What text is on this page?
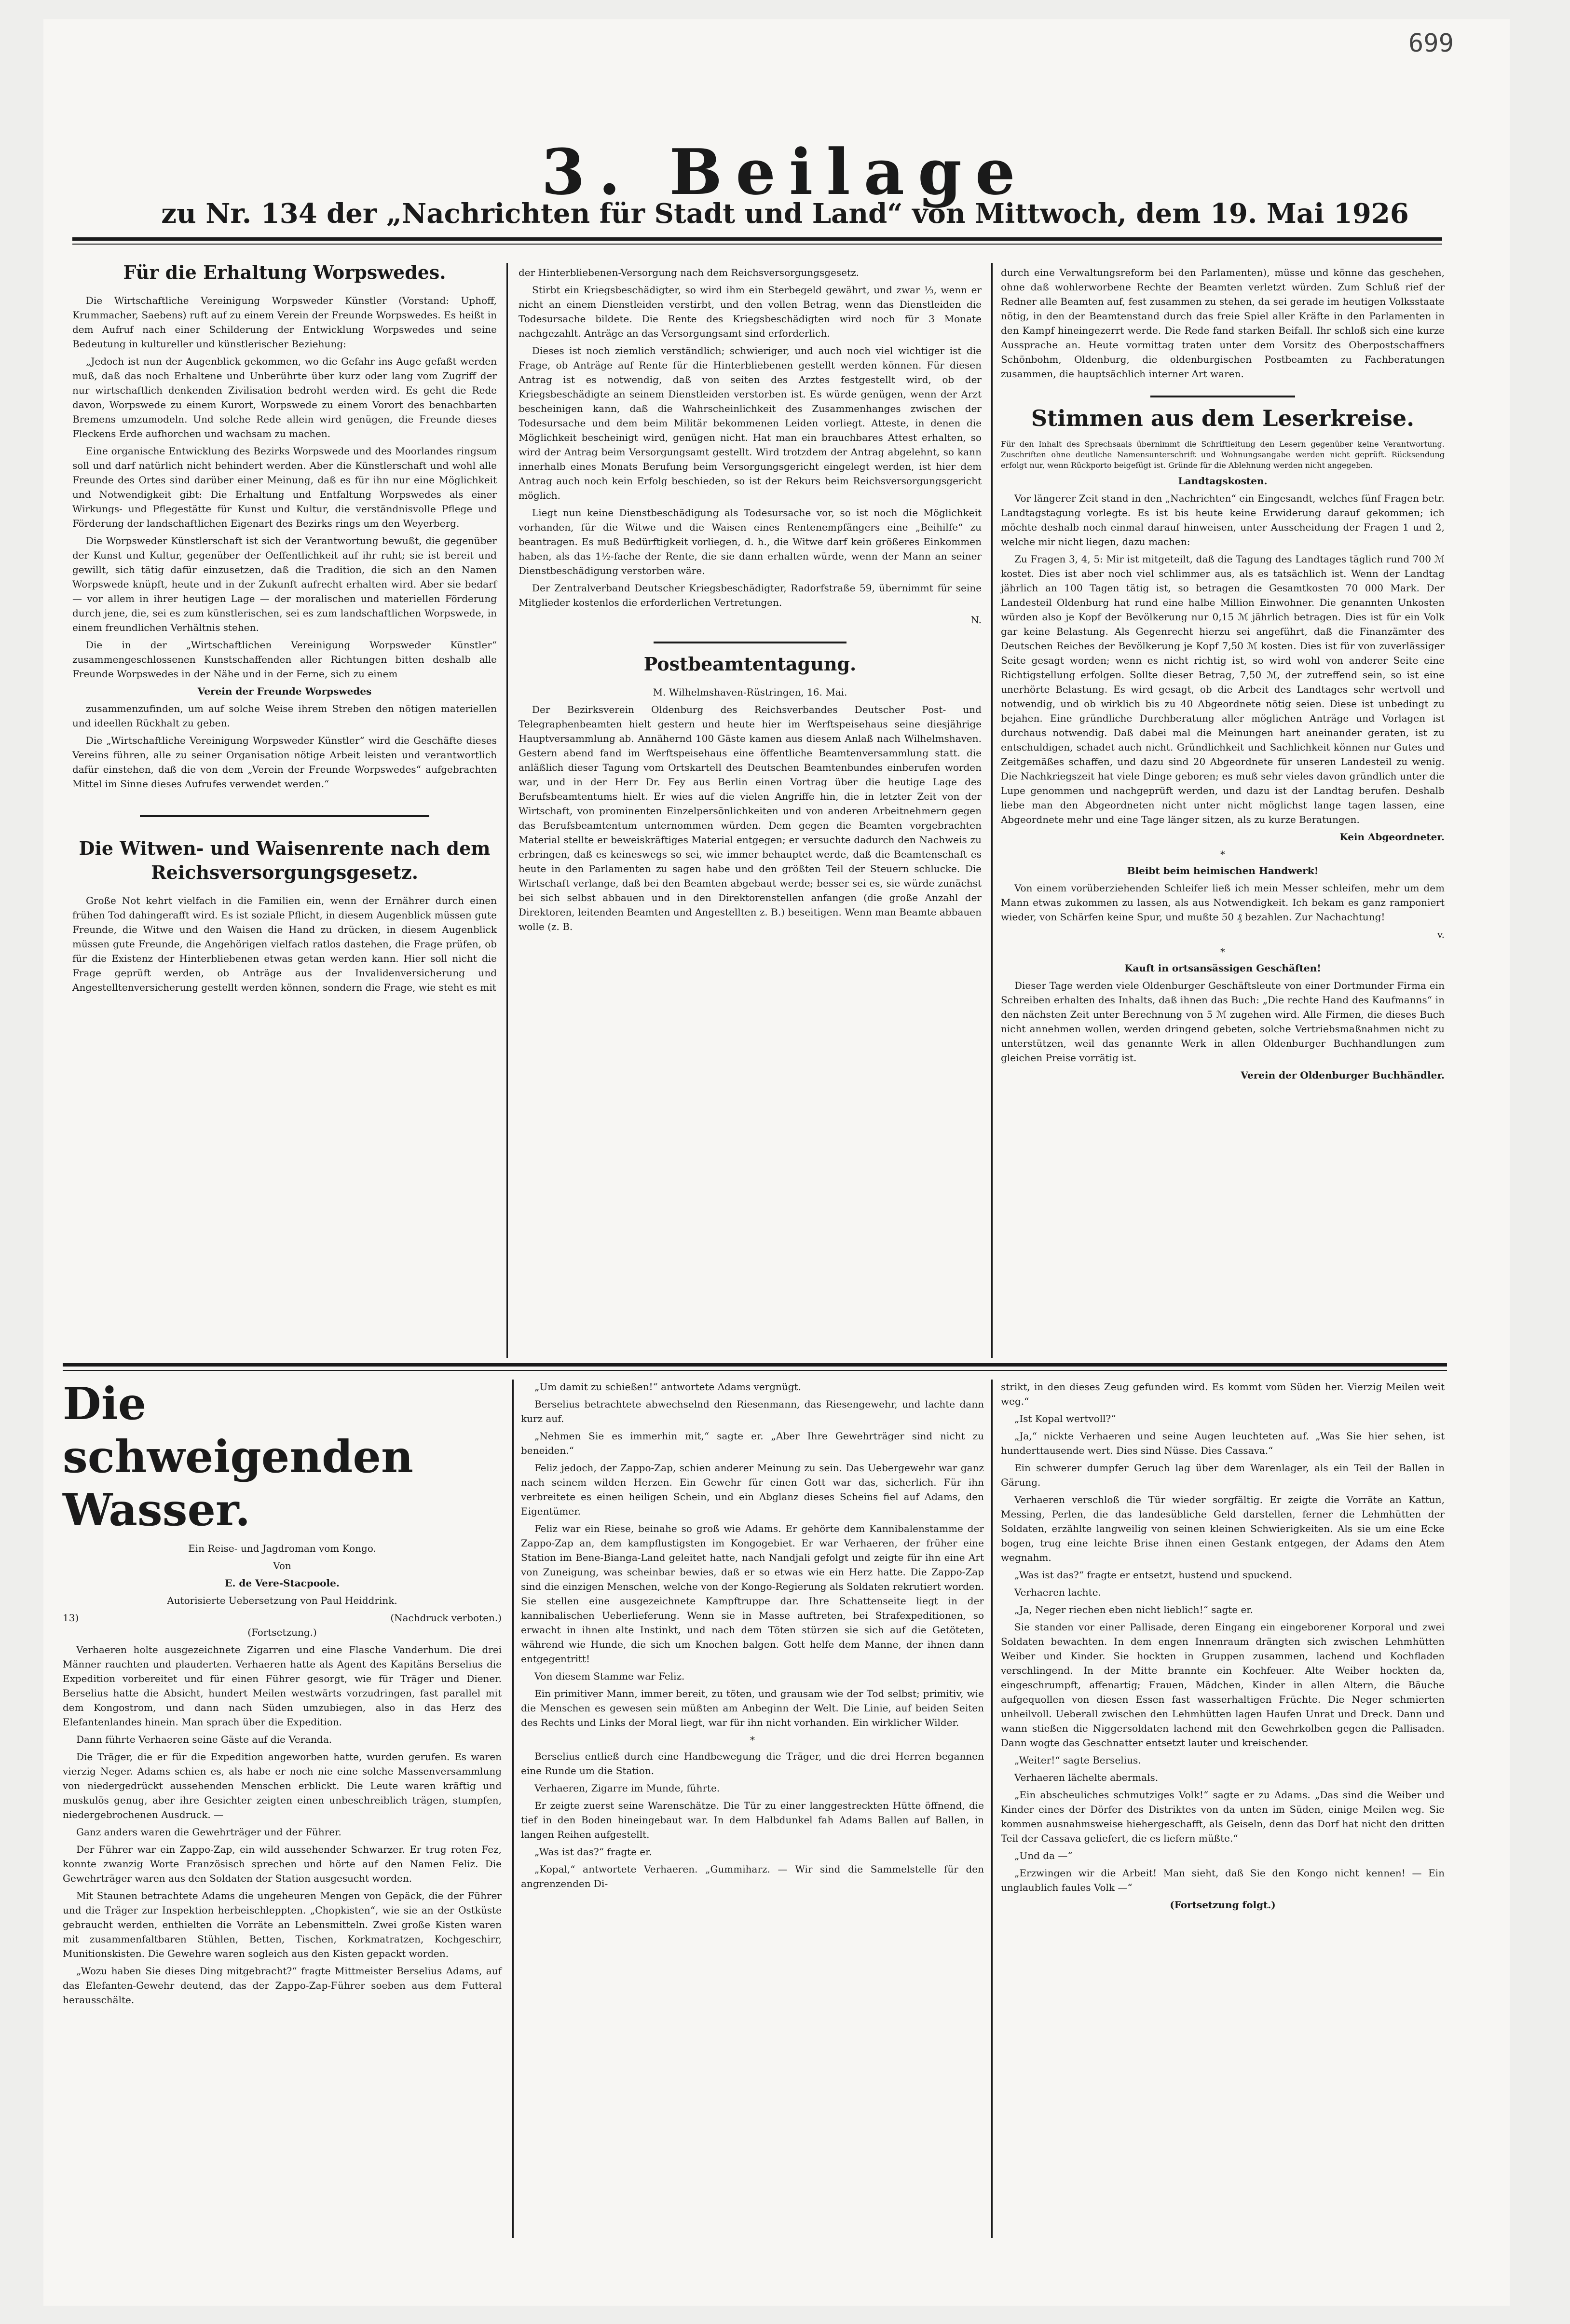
699
3. Beilage
zu Nr. 134 der „Nachrichten für Stadt und Land“ von Mittwoch, dem 19. Mai 1926
Für die Erhaltung Worpswedes.

Die Wirtschaftliche Vereinigung Worpsweder Künstler (Vorstand: Uphoff, Krummacher, Saebens) ruft auf zu einem Verein der Freunde Worpswedes. Es heißt in dem Aufruf nach einer Schilderung der Entwicklung Worpswedes und seine Bedeutung in kultureller und künstlerischer Beziehung:

„Jedoch ist nun der Augenblick gekommen, wo die Gefahr ins Auge gefaßt werden muß, daß das noch Erhaltene und Unberührte über kurz oder lang vom Zugriff der nur wirtschaftlich denkenden Zivilisation bedroht werden wird. Es geht die Rede davon, Worpswede zu einem Kurort, Worpswede zu einem Vorort des benachbarten Bremens umzumodeln. Und solche Rede allein wird genügen, die Freunde dieses Fleckens Erde aufhorchen und wachsam zu machen.

Eine organische Entwicklung des Bezirks Worpswede und des Moorlandes ringsum soll und darf natürlich nicht behindert werden. Aber die Künstlerschaft und wohl alle Freunde des Ortes sind darüber einer Meinung, daß es für ihn nur eine Möglichkeit und Notwendigkeit gibt: Die Erhaltung und Entfaltung Worpswedes als einer Wirkungs- und Pflegestätte für Kunst und Kultur, die verständnisvolle Pflege und Förderung der landschaftlichen Eigenart des Bezirks rings um den Weyerberg.

Die Worpsweder Künstlerschaft ist sich der Verantwortung bewußt, die gegenüber der Kunst und Kultur, gegenüber der Oeffentlichkeit auf ihr ruht; sie ist bereit und gewillt, sich tätig dafür einzusetzen, daß die Tradition, die sich an den Namen Worpswede knüpft, heute und in der Zukunft aufrecht erhalten wird. Aber sie bedarf — vor allem in ihrer heutigen Lage — der moralischen und materiellen Förderung durch jene, die, sei es zum künstlerischen, sei es zum landschaftlichen Worpswede, in einem freundlichen Verhältnis stehen.

Die in der „Wirtschaftlichen Vereinigung Worpsweder Künstler“ zusammengeschlossenen Kunstschaffenden aller Richtungen bitten deshalb alle Freunde Worpswedes in der Nähe und in der Ferne, sich zu einem

Verein der Freunde Worpswedes

zusammenzufinden, um auf solche Weise ihrem Streben den nötigen materiellen und ideellen Rückhalt zu geben.

Die „Wirtschaftliche Vereinigung Worpsweder Künstler“ wird die Geschäfte dieses Vereins führen, alle zu seiner Organisation nötige Arbeit leisten und verantwortlich dafür einstehen, daß die von dem „Verein der Freunde Worpswedes“ aufgebrachten Mittel im Sinne dieses Aufrufes verwendet werden.“

Die Witwen- und Waisenrente nach dem Reichsversorgungsgesetz.

Große Not kehrt vielfach in die Familien ein, wenn der Ernährer durch einen frühen Tod dahingerafft wird. Es ist soziale Pflicht, in diesem Augenblick müssen gute Freunde, die Witwe und den Waisen die Hand zu drücken, in diesem Augenblick müssen gute Freunde, die Angehörigen vielfach ratlos dastehen, die Frage prüfen, ob für die Existenz der Hinterbliebenen etwas getan werden kann. Hier soll nicht die Frage geprüft werden, ob Anträge aus der Invalidenversicherung und Angestelltenversicherung gestellt werden können, sondern die Frage, wie steht es mit

der Hinterbliebenen-Versorgung nach dem Reichsversorgungsgesetz.

Stirbt ein Kriegsbeschädigter, so wird ihm ein Sterbegeld gewährt, und zwar ⅓, wenn er nicht an einem Dienstleiden verstirbt, und den vollen Betrag, wenn das Dienstleiden die Todesursache bildete. Die Rente des Kriegsbeschädigten wird noch für 3 Monate nachgezahlt. Anträge an das Versorgungsamt sind erforderlich.

Dieses ist noch ziemlich verständlich; schwieriger, und auch noch viel wichtiger ist die Frage, ob Anträge auf Rente für die Hinterbliebenen gestellt werden können. Für diesen Antrag ist es notwendig, daß von seiten des Arztes festgestellt wird, ob der Kriegsbeschädigte an seinem Dienstleiden verstorben ist. Es würde genügen, wenn der Arzt bescheinigen kann, daß die Wahrscheinlichkeit des Zusammenhanges zwischen der Todesursache und dem beim Militär bekommenen Leiden vorliegt. Atteste, in denen die Möglichkeit bescheinigt wird, genügen nicht. Hat man ein brauchbares Attest erhalten, so wird der Antrag beim Versorgungsamt gestellt. Wird trotzdem der Antrag abgelehnt, so kann innerhalb eines Monats Berufung beim Versorgungsgericht eingelegt werden, ist hier dem Antrag auch noch kein Erfolg beschieden, so ist der Rekurs beim Reichsversorgungsgericht möglich.

Liegt nun keine Dienstbeschädigung als Todesursache vor, so ist noch die Möglichkeit vorhanden, für die Witwe und die Waisen eines Rentenempfängers eine „Beihilfe“ zu beantragen. Es muß Bedürftigkeit vorliegen, d. h., die Witwe darf kein größeres Einkommen haben, als das 1½-fache der Rente, die sie dann erhalten würde, wenn der Mann an seiner Dienstbeschädigung verstorben wäre.

Der Zentralverband Deutscher Kriegsbeschädigter, Radorfstraße 59, übernimmt für seine Mitglieder kostenlos die erforderlichen Vertretungen.

N.

Postbeamtentagung.

M. Wilhelmshaven-Rüstringen, 16. Mai.

Der Bezirksverein Oldenburg des Reichsverbandes Deutscher Post- und Telegraphenbeamten hielt gestern und heute hier im Werftspeisehaus seine diesjährige Hauptversammlung ab. Annähernd 100 Gäste kamen aus diesem Anlaß nach Wilhelmshaven. Gestern abend fand im Werftspeisehaus eine öffentliche Beamtenversammlung statt. die anläßlich dieser Tagung vom Ortskartell des Deutschen Beamtenbundes einberufen worden war, und in der Herr Dr. Fey aus Berlin einen Vortrag über die heutige Lage des Berufsbeamtentums hielt. Er wies auf die vielen Angriffe hin, die in letzter Zeit von der Wirtschaft, von prominenten Einzelpersönlichkeiten und von anderen Arbeitnehmern gegen das Berufsbeamtentum unternommen würden. Dem gegen die Beamten vorgebrachten Material stellte er beweiskräftiges Material entgegen; er versuchte dadurch den Nachweis zu erbringen, daß es keineswegs so sei, wie immer behauptet werde, daß die Beamtenschaft es heute in den Parlamenten zu sagen habe und den größten Teil der Steuern schlucke. Die Wirtschaft verlange, daß bei den Beamten abgebaut werde; besser sei es, sie würde zunächst bei sich selbst abbauen und in den Direktorenstellen anfangen (die große Anzahl der Direktoren, leitenden Beamten und Angestellten z. B.) beseitigen. Wenn man Beamte abbauen wolle (z. B.

durch eine Verwaltungsreform bei den Parlamenten), müsse und könne das geschehen, ohne daß wohlerworbene Rechte der Beamten verletzt würden. Zum Schluß rief der Redner alle Beamten auf, fest zusammen zu stehen, da sei gerade im heutigen Volksstaate nötig, in den der Beamtenstand durch das freie Spiel aller Kräfte in den Parlamenten in den Kampf hineingezerrt werde. Die Rede fand starken Beifall. Ihr schloß sich eine kurze Aussprache an. Heute vormittag traten unter dem Vorsitz des Oberpostschaffners Schönbohm, Oldenburg, die oldenburgischen Postbeamten zu Fachberatungen zusammen, die hauptsächlich interner Art waren.

Stimmen aus dem Leserkreise.

Für den Inhalt des Sprechsaals übernimmt die Schriftleitung den Lesern gegenüber keine Verantwortung. Zuschriften ohne deutliche Namensunterschrift und Wohnungsangabe werden nicht geprüft. Rücksendung erfolgt nur, wenn Rückporto beigefügt ist. Gründe für die Ablehnung werden nicht angegeben.

Landtagskosten.

Vor längerer Zeit stand in den „Nachrichten“ ein Eingesandt, welches fünf Fragen betr. Landtagstagung vorlegte. Es ist bis heute keine Erwiderung darauf gekommen; ich möchte deshalb noch einmal darauf hinweisen, unter Ausscheidung der Fragen 1 und 2, welche mir nicht liegen, dazu machen:

Zu Fragen 3, 4, 5: Mir ist mitgeteilt, daß die Tagung des Landtages täglich rund 700 ℳ kostet. Dies ist aber noch viel schlimmer aus, als es tatsächlich ist. Wenn der Landtag jährlich an 100 Tagen tätig ist, so betragen die Gesamtkosten 70 000 Mark. Der Landesteil Oldenburg hat rund eine halbe Million Einwohner. Die genannten Unkosten würden also je Kopf der Bevölkerung nur 0,15 ℳ jährlich betragen. Dies ist für ein Volk gar keine Belastung. Als Gegenrecht hierzu sei angeführt, daß die Finanzämter des Deutschen Reiches der Bevölkerung je Kopf 7,50 ℳ kosten. Dies ist für von zuverlässiger Seite gesagt worden; wenn es nicht richtig ist, so wird wohl von anderer Seite eine Richtigstellung erfolgen. Sollte dieser Betrag, 7,50 ℳ, der zutreffend sein, so ist eine unerhörte Belastung. Es wird gesagt, ob die Arbeit des Landtages sehr wertvoll und notwendig, und ob wirklich bis zu 40 Abgeordnete nötig seien. Diese ist unbedingt zu bejahen. Eine gründliche Durchberatung aller möglichen Anträge und Vorlagen ist durchaus notwendig. Daß dabei mal die Meinungen hart aneinander geraten, ist zu entschuldigen, schadet auch nicht. Gründlichkeit und Sachlichkeit können nur Gutes und Zeitgemäßes schaffen, und dazu sind 20 Abgeordnete für unseren Landesteil zu wenig. Die Nachkriegszeit hat viele Dinge geboren; es muß sehr vieles davon gründlich unter die Lupe genommen und nachgeprüft werden, und dazu ist der Landtag berufen. Deshalb liebe man den Abgeordneten nicht unter nicht möglichst lange tagen lassen, eine Abgeordnete mehr und eine Tage länger sitzen, als zu kurze Beratungen.

Kein Abgeordneter.

*

Bleibt beim heimischen Handwerk!

Von einem vorüberziehenden Schleifer ließ ich mein Messer schleifen, mehr um dem Mann etwas zukommen zu lassen, als aus Notwendigkeit. Ich bekam es ganz ramponiert wieder, von Schärfen keine Spur, und mußte 50 ₰ bezahlen. Zur Nachachtung!

v.

*

Kauft in ortsansässigen Geschäften!

Dieser Tage werden viele Oldenburger Geschäftsleute von einer Dortmunder Firma ein Schreiben erhalten des Inhalts, daß ihnen das Buch: „Die rechte Hand des Kaufmanns“ in den nächsten Zeit unter Berechnung von 5 ℳ zugehen wird. Alle Firmen, die dieses Buch nicht annehmen wollen, werden dringend gebeten, solche Vertriebsmaßnahmen nicht zu unterstützen, weil das genannte Werk in allen Oldenburger Buchhandlungen zum gleichen Preise vorrätig ist.

Verein der Oldenburger Buchhändler.

Die schweigenden Wasser.

Ein Reise- und Jagdroman vom Kongo.

Von

E. de Vere-Stacpoole.

Autorisierte Uebersetzung von Paul Heiddrink.

13)	(Nachdruck verboten.)

(Fortsetzung.)

Verhaeren holte ausgezeichnete Zigarren und eine Flasche Vanderhum. Die drei Männer rauchten und plauderten. Verhaeren hatte als Agent des Kapitäns Berselius die Expedition vorbereitet und für einen Führer gesorgt, wie für Träger und Diener. Berselius hatte die Absicht, hundert Meilen westwärts vorzudringen, fast parallel mit dem Kongostrom, und dann nach Süden umzubiegen, also in das Herz des Elefantenlandes hinein. Man sprach über die Expedition.

Dann führte Verhaeren seine Gäste auf die Veranda.

Die Träger, die er für die Expedition angeworben hatte, wurden gerufen. Es waren vierzig Neger. Adams schien es, als habe er noch nie eine solche Massenversammlung von niedergedrückt aussehenden Menschen erblickt. Die Leute waren kräftig und muskulös genug, aber ihre Gesichter zeigten einen unbeschreiblich trägen, stumpfen, niedergebrochenen Ausdruck. —

Ganz anders waren die Gewehrträger und der Führer.

Der Führer war ein Zappo-Zap, ein wild aussehender Schwarzer. Er trug roten Fez, konnte zwanzig Worte Französisch sprechen und hörte auf den Namen Feliz. Die Gewehrträger waren aus den Soldaten der Station ausgesucht worden.

Mit Staunen betrachtete Adams die ungeheuren Mengen von Gepäck, die der Führer und die Träger zur Inspektion herbeischleppten. „Chopkisten“, wie sie an der Ostküste gebraucht werden, enthielten die Vorräte an Lebensmitteln. Zwei große Kisten waren mit zusammenfaltbaren Stühlen, Betten, Tischen, Korkmatratzen, Kochgeschirr, Munitionskisten. Die Gewehre waren sogleich aus den Kisten gepackt worden.

„Wozu haben Sie dieses Ding mitgebracht?“ fragte Mittmeister Berselius Adams, auf das Elefanten-Gewehr deutend, das der Zappo-Zap-Führer soeben aus dem Futteral herausschälte.

„Um damit zu schießen!“ antwortete Adams vergnügt.

Berselius betrachtete abwechselnd den Riesenmann, das Riesengewehr, und lachte dann kurz auf.

„Nehmen Sie es immerhin mit,“ sagte er. „Aber Ihre Gewehrträger sind nicht zu beneiden.“

Feliz jedoch, der Zappo-Zap, schien anderer Meinung zu sein. Das Uebergewehr war ganz nach seinem wilden Herzen. Ein Gewehr für einen Gott war das, sicherlich. Für ihn verbreitete es einen heiligen Schein, und ein Abglanz dieses Scheins fiel auf Adams, den Eigentümer.

Feliz war ein Riese, beinahe so groß wie Adams. Er gehörte dem Kannibalenstamme der Zappo-Zap an, dem kampflustigsten im Kongogebiet. Er war Verhaeren, der früher eine Station im Bene-Bianga-Land geleitet hatte, nach Nandjali gefolgt und zeigte für ihn eine Art von Zuneigung, was scheinbar bewies, daß er so etwas wie ein Herz hatte. Die Zappo-Zap sind die einzigen Menschen, welche von der Kongo-Regierung als Soldaten rekrutiert worden. Sie stellen eine ausgezeichnete Kampftruppe dar. Ihre Schattenseite liegt in der kannibalischen Ueberlieferung. Wenn sie in Masse auftreten, bei Strafexpeditionen, so erwacht in ihnen alte Instinkt, und nach dem Töten stürzen sie sich auf die Getöteten, während wie Hunde, die sich um Knochen balgen. Gott helfe dem Manne, der ihnen dann entgegentritt!

Von diesem Stamme war Feliz.

Ein primitiver Mann, immer bereit, zu töten, und grausam wie der Tod selbst; primitiv, wie die Menschen es gewesen sein müßten am Anbeginn der Welt. Die Linie, auf beiden Seiten des Rechts und Links der Moral liegt, war für ihn nicht vorhanden. Ein wirklicher Wilder.

*

Berselius entließ durch eine Handbewegung die Träger, und die drei Herren begannen eine Runde um die Station.

Verhaeren, Zigarre im Munde, führte.

Er zeigte zuerst seine Warenschätze. Die Tür zu einer langgestreckten Hütte öffnend, die tief in den Boden hineingebaut war. In dem Halbdunkel fah Adams Ballen auf Ballen, in langen Reihen aufgestellt.

„Was ist das?“ fragte er.

„Kopal,“ antwortete Verhaeren. „Gummiharz. — Wir sind die Sammelstelle für den angrenzenden Di-

strikt, in den dieses Zeug gefunden wird. Es kommt vom Süden her. Vierzig Meilen weit weg.“

„Ist Kopal wertvoll?“

„Ja,“ nickte Verhaeren und seine Augen leuchteten auf. „Was Sie hier sehen, ist hunderttausende wert. Dies sind Nüsse. Dies Cassava.“

Ein schwerer dumpfer Geruch lag über dem Warenlager, als ein Teil der Ballen in Gärung.

Verhaeren verschloß die Tür wieder sorgfältig. Er zeigte die Vorräte an Kattun, Messing, Perlen, die das landesübliche Geld darstellen, ferner die Lehmhütten der Soldaten, erzählte langweilig von seinen kleinen Schwierigkeiten. Als sie um eine Ecke bogen, trug eine leichte Brise ihnen einen Gestank entgegen, der Adams den Atem wegnahm.

„Was ist das?“ fragte er entsetzt, hustend und spuckend.

Verhaeren lachte.

„Ja, Neger riechen eben nicht lieblich!“ sagte er.

Sie standen vor einer Pallisade, deren Eingang ein eingeborener Korporal und zwei Soldaten bewachten. In dem engen Innenraum drängten sich zwischen Lehmhütten Weiber und Kinder. Sie hockten in Gruppen zusammen, lachend und Kochfladen verschlingend. In der Mitte brannte ein Kochfeuer. Alte Weiber hockten da, eingeschrumpft, affenartig; Frauen, Mädchen, Kinder in allen Altern, die Bäuche aufgequollen von diesen Essen fast wasserhaltigen Früchte. Die Neger schmierten unheilvoll. Ueberall zwischen den Lehmhütten lagen Haufen Unrat und Dreck. Dann und wann stießen die Niggersoldaten lachend mit den Gewehrkolben gegen die Pallisaden. Dann wogte das Geschnatter entsetzt lauter und kreischender.

„Weiter!“ sagte Berselius.

Verhaeren lächelte abermals.

„Ein abscheuliches schmutziges Volk!“ sagte er zu Adams. „Das sind die Weiber und Kinder eines der Dörfer des Distriktes von da unten im Süden, einige Meilen weg. Sie kommen ausnahmsweise hiehergeschafft, als Geiseln, denn das Dorf hat nicht den dritten Teil der Cassava geliefert, die es liefern müßte.“

„Und da —“

„Erzwingen wir die Arbeit! Man sieht, daß Sie den Kongo nicht kennen! — Ein unglaublich faules Volk —“

(Fortsetzung folgt.)
